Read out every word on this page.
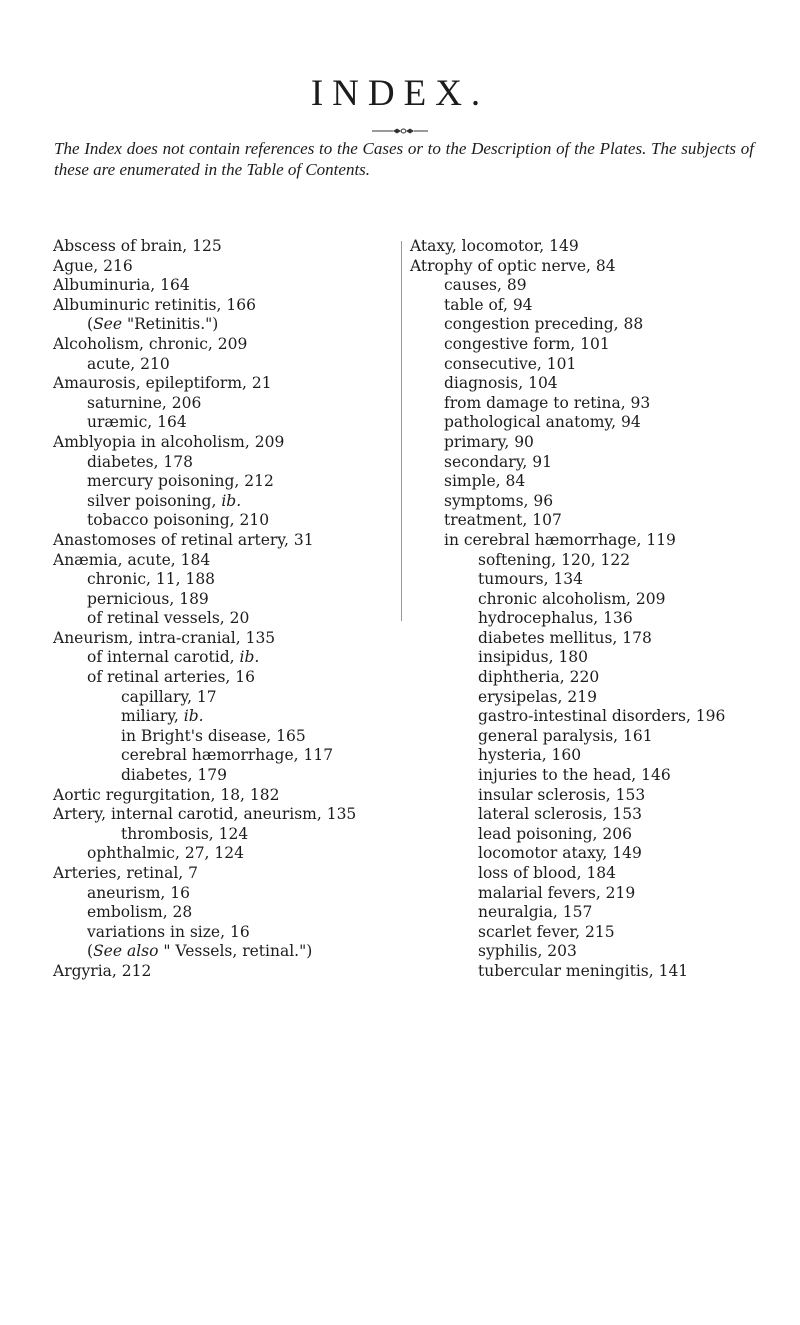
INDEX.

The Index does not contain references to the Cases or to the Description of the Plates. The subjects of these are enumerated in the Table of Contents.

Abscess of brain, 125
Ague, 216
Albuminuria, 164
Albuminuric retinitis, 166
(See "Retinitis.")
Alcoholism, chronic, 209
acute, 210
Amaurosis, epileptiform, 21
saturnine, 206
uræmic, 164
Amblyopia in alcoholism, 209
diabetes, 178
mercury poisoning, 212
silver poisoning, ib.
tobacco poisoning, 210
Anastomoses of retinal artery, 31
Anæmia, acute, 184
chronic, 11, 188
pernicious, 189
of retinal vessels, 20
Aneurism, intra-cranial, 135
of internal carotid, ib.
of retinal arteries, 16
capillary, 17
miliary, ib.
in Bright's disease, 165
cerebral hæmorrhage, 117
diabetes, 179
Aortic regurgitation, 18, 182
Artery, internal carotid, aneurism, 135
thrombosis, 124
ophthalmic, 27, 124
Arteries, retinal, 7
aneurism, 16
embolism, 28
variations in size, 16
(See also " Vessels, retinal.")
Argyria, 212
Ataxy, locomotor, 149
Atrophy of optic nerve, 84
causes, 89
table of, 94
congestion preceding, 88
congestive form, 101
consecutive, 101
diagnosis, 104
from damage to retina, 93
pathological anatomy, 94
primary, 90
secondary, 91
simple, 84
symptoms, 96
treatment, 107
in cerebral hæmorrhage, 119
softening, 120, 122
tumours, 134
chronic alcoholism, 209
hydrocephalus, 136
diabetes mellitus, 178
insipidus, 180
diphtheria, 220
erysipelas, 219
gastro-intestinal disorders, 196
general paralysis, 161
hysteria, 160
injuries to the head, 146
insular sclerosis, 153
lateral sclerosis, 153
lead poisoning, 206
locomotor ataxy, 149
loss of blood, 184
malarial fevers, 219
neuralgia, 157
scarlet fever, 215
syphilis, 203
tubercular meningitis, 141
